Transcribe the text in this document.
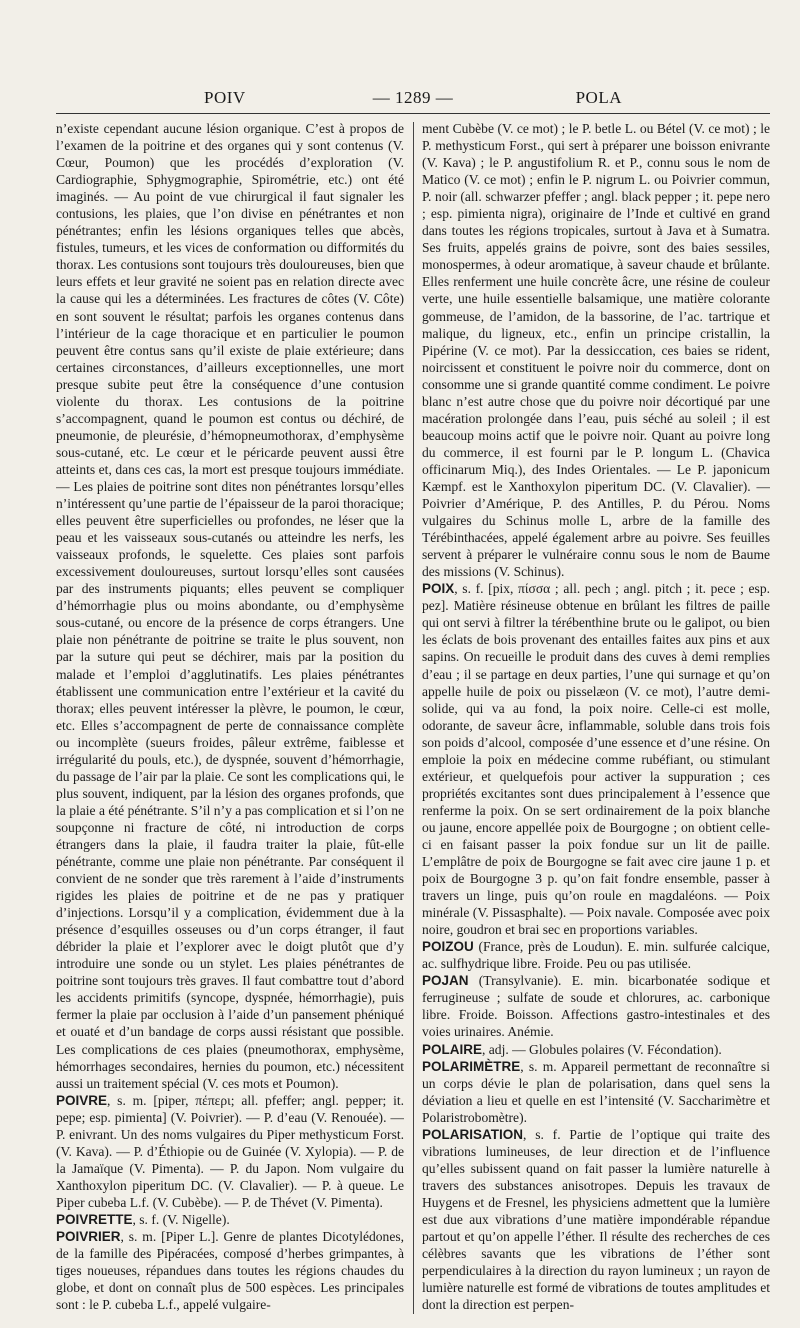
POIV	— 1289 —	POLA

n’existe cependant aucune lésion organique. C’est à propos de l’examen de la poitrine et des organes qui y sont contenus (V. Cœur, Poumon) que les procédés d’exploration (V. Cardiographie, Sphygmographie, Spirométrie, etc.) ont été imaginés. — Au point de vue chirurgical il faut signaler les contusions, les plaies, que l’on divise en pénétrantes et non pénétrantes; enfin les lésions organiques telles que abcès, fistules, tumeurs, et les vices de conformation ou difformités du thorax. Les contusions sont toujours très douloureuses, bien que leurs effets et leur gravité ne soient pas en relation directe avec la cause qui les a déterminées. Les fractures de côtes (V. Côte) en sont souvent le résultat; parfois les organes contenus dans l’intérieur de la cage thoracique et en particulier le poumon peuvent être contus sans qu’il existe de plaie extérieure; dans certaines circonstances, d’ailleurs exceptionnelles, une mort presque subite peut être la conséquence d’une contusion violente du thorax. Les contusions de la poitrine s’accompagnent, quand le poumon est contus ou déchiré, de pneumonie, de pleurésie, d’hémopneumothorax, d’emphysème sous-cutané, etc. Le cœur et le péricarde peuvent aussi être atteints et, dans ces cas, la mort est presque toujours immédiate. — Les plaies de poitrine sont dites non pénétrantes lorsqu’elles n’intéressent qu’une partie de l’épaisseur de la paroi thoracique; elles peuvent être superficielles ou profondes, ne léser que la peau et les vaisseaux sous-cutanés ou atteindre les nerfs, les vaisseaux profonds, le squelette. Ces plaies sont parfois excessivement douloureuses, surtout lorsqu’elles sont causées par des instruments piquants; elles peuvent se compliquer d’hémorrhagie plus ou moins abondante, ou d’emphysème sous-cutané, ou encore de la présence de corps étrangers. Une plaie non pénétrante de poitrine se traite le plus souvent, non par la suture qui peut se déchirer, mais par la position du malade et l’emploi d’agglutinatifs. Les plaies pénétrantes établissent une communication entre l’extérieur et la cavité du thorax; elles peuvent intéresser la plèvre, le poumon, le cœur, etc. Elles s’accompagnent de perte de connaissance complète ou incomplète (sueurs froides, pâleur extrême, faiblesse et irrégularité du pouls, etc.), de dyspnée, souvent d’hémorrhagie, du passage de l’air par la plaie. Ce sont les complications qui, le plus souvent, indiquent, par la lésion des organes profonds, que la plaie a été pénétrante. S’il n’y a pas complication et si l’on ne soupçonne ni fracture de côté, ni introduction de corps étrangers dans la plaie, il faudra traiter la plaie, fût-elle pénétrante, comme une plaie non pénétrante. Par conséquent il convient de ne sonder que très rarement à l’aide d’instruments rigides les plaies de poitrine et de ne pas y pratiquer d’injections. Lorsqu’il y a complication, évidemment due à la présence d’esquilles osseuses ou d’un corps étranger, il faut débrider la plaie et l’explorer avec le doigt plutôt que d’y introduire une sonde ou un stylet. Les plaies pénétrantes de poitrine sont toujours très graves. Il faut combattre tout d’abord les accidents primitifs (syncope, dyspnée, hémorrhagie), puis fermer la plaie par occlusion à l’aide d’un pansement phéniqué et ouaté et d’un bandage de corps aussi résistant que possible. Les complications de ces plaies (pneumothorax, emphysème, hémorrhages secondaires, hernies du poumon, etc.) nécessitent aussi un traitement spécial (V. ces mots et Poumon).

POIVRE, s. m. [piper, πέπερι; all. pfeffer; angl. pepper; it. pepe; esp. pimienta] (V. Poivrier). — P. d’eau (V. Renouée). — P. enivrant. Un des noms vulgaires du Piper methysticum Forst. (V. Kava). — P. d’Éthiopie ou de Guinée (V. Xylopia). — P. de la Jamaïque (V. Pimenta). — P. du Japon. Nom vulgaire du Xanthoxylon piperitum DC. (V. Clavalier). — P. à queue. Le Piper cubeba L.f. (V. Cubèbe). — P. de Thévet (V. Pimenta).

POIVRETTE, s. f. (V. Nigelle).

POIVRIER, s. m. [Piper L.]. Genre de plantes Dicotylédones, de la famille des Pipéracées, composé d’herbes grimpantes, à tiges noueuses, répandues dans toutes les régions chaudes du globe, et dont on connaît plus de 500 espèces. Les principales sont : le P. cubeba L.f., appelé vulgaire-

ment Cubèbe (V. ce mot) ; le P. betle L. ou Bétel (V. ce mot) ; le P. methysticum Forst., qui sert à préparer une boisson enivrante (V. Kava) ; le P. angustifolium R. et P., connu sous le nom de Matico (V. ce mot) ; enfin le P. nigrum L. ou Poivrier commun, P. noir (all. schwarzer pfeffer ; angl. black pepper ; it. pepe nero ; esp. pimienta nigra), originaire de l’Inde et cultivé en grand dans toutes les régions tropicales, surtout à Java et à Sumatra. Ses fruits, appelés grains de poivre, sont des baies sessiles, monospermes, à odeur aromatique, à saveur chaude et brûlante. Elles renferment une huile concrète âcre, une résine de couleur verte, une huile essentielle balsamique, une matière colorante gommeuse, de l’amidon, de la bassorine, de l’ac. tartrique et malique, du ligneux, etc., enfin un principe cristallin, la Pipérine (V. ce mot). Par la dessiccation, ces baies se rident, noircissent et constituent le poivre noir du commerce, dont on consomme une si grande quantité comme condiment. Le poivre blanc n’est autre chose que du poivre noir décortiqué par une macération prolongée dans l’eau, puis séché au soleil ; il est beaucoup moins actif que le poivre noir. Quant au poivre long du commerce, il est fourni par le P. longum L. (Chavica officinarum Miq.), des Indes Orientales. — Le P. japonicum Kæmpf. est le Xanthoxylon piperitum DC. (V. Clavalier). — Poivrier d’Amérique, P. des Antilles, P. du Pérou. Noms vulgaires du Schinus molle L, arbre de la famille des Térébinthacées, appelé également arbre au poivre. Ses feuilles servent à préparer le vulnéraire connu sous le nom de Baume des missions (V. Schinus).

POIX, s. f. [pix, πίσσα ; all. pech ; angl. pitch ; it. pece ; esp. pez]. Matière résineuse obtenue en brûlant les filtres de paille qui ont servi à filtrer la térébenthine brute ou le galipot, ou bien les éclats de bois provenant des entailles faites aux pins et aux sapins. On recueille le produit dans des cuves à demi remplies d’eau ; il se partage en deux parties, l’une qui surnage et qu’on appelle huile de poix ou pisselæon (V. ce mot), l’autre demi-solide, qui va au fond, la poix noire. Celle-ci est molle, odorante, de saveur âcre, inflammable, soluble dans trois fois son poids d’alcool, composée d’une essence et d’une résine. On emploie la poix en médecine comme rubéfiant, ou stimulant extérieur, et quelquefois pour activer la suppuration ; ces propriétés excitantes sont dues principalement à l’essence que renferme la poix. On se sert ordinairement de la poix blanche ou jaune, encore appellée poix de Bourgogne ; on obtient celle-ci en faisant passer la poix fondue sur un lit de paille. L’emplâtre de poix de Bourgogne se fait avec cire jaune 1 p. et poix de Bourgogne 3 p. qu’on fait fondre ensemble, passer à travers un linge, puis qu’on roule en magdaléons. — Poix minérale (V. Pissasphalte). — Poix navale. Composée avec poix noire, goudron et brai sec en proportions variables.

POIZOU (France, près de Loudun). E. min. sulfurée calcique, ac. sulfhydrique libre. Froide. Peu ou pas utilisée.

POJAN (Transylvanie). E. min. bicarbonatée sodique et ferrugineuse ; sulfate de soude et chlorures, ac. carbonique libre. Froide. Boisson. Affections gastro-intestinales et des voies urinaires. Anémie.

POLAIRE, adj. — Globules polaires (V. Fécondation).

POLARIMÈTRE, s. m. Appareil permettant de reconnaître si un corps dévie le plan de polarisation, dans quel sens la déviation a lieu et quelle en est l’intensité (V. Saccharimètre et Polaristrobomètre).

POLARISATION, s. f. Partie de l’optique qui traite des vibrations lumineuses, de leur direction et de l’influence qu’elles subissent quand on fait passer la lumière naturelle à travers des substances anisotropes. Depuis les travaux de Huygens et de Fresnel, les physiciens admettent que la lumière est due aux vibrations d’une matière impondérable répandue partout et qu’on appelle l’éther. Il résulte des recherches de ces célèbres savants que les vibrations de l’éther sont perpendiculaires à la direction du rayon lumineux ; un rayon de lumière naturelle est formé de vibrations de toutes amplitudes et dont la direction est perpen-
